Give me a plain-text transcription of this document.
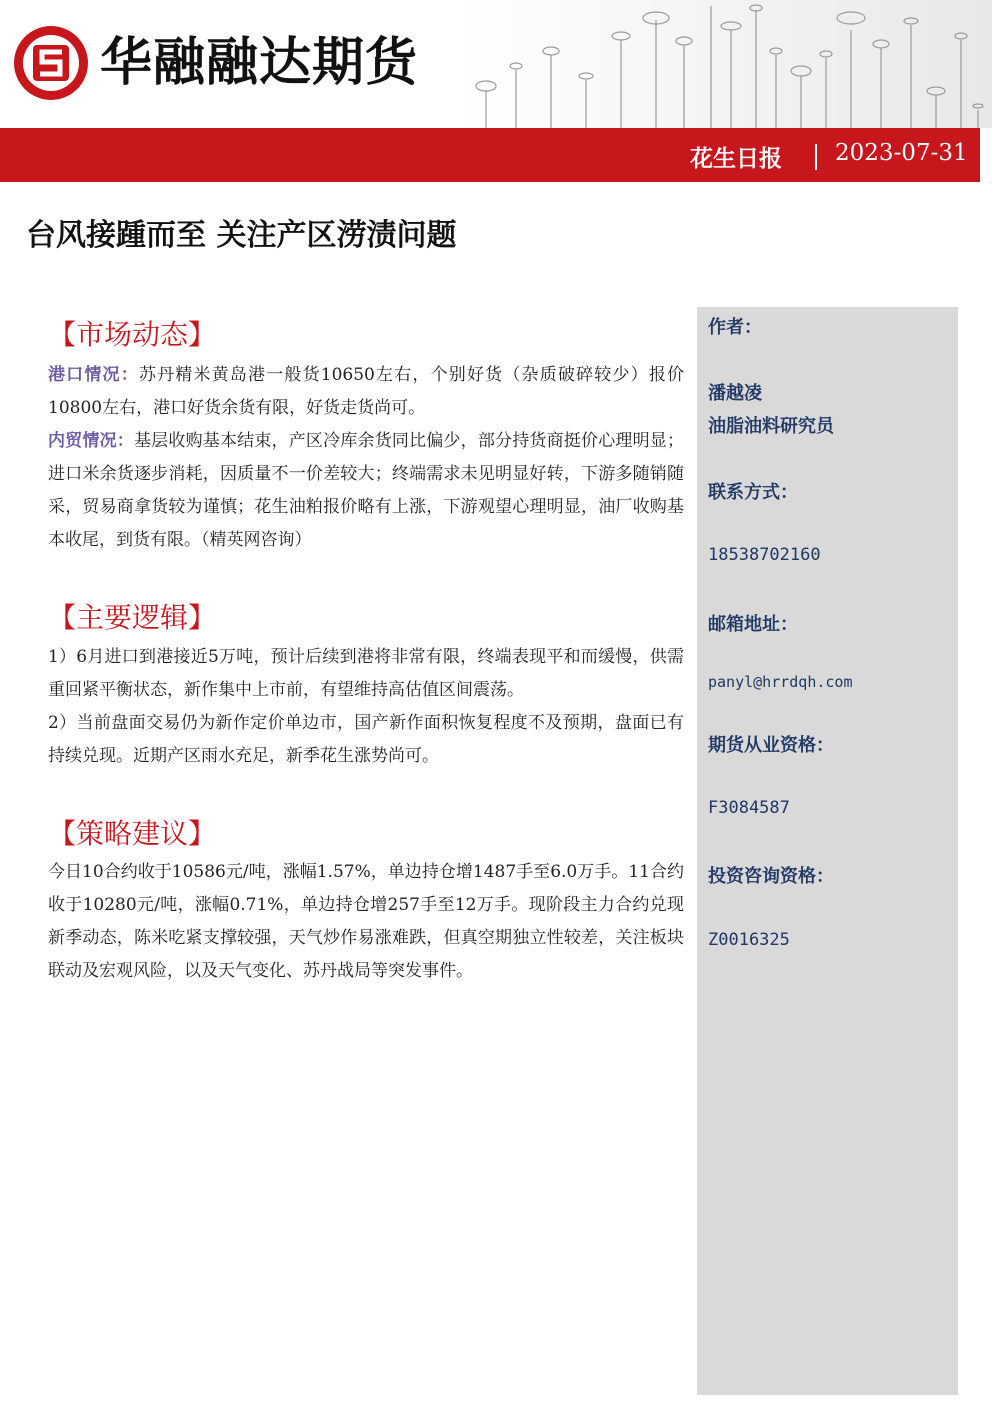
华融融达期货
花生日报 2023-07-31
台风接踵而至 关注产区涝渍问题
【市场动态】
港口情况：苏丹精米黄岛港一般货10650左右，个别好货（杂质破碎较少）报价10800左右，港口好货余货有限，好货走货尚可。
内贸情况：基层收购基本结束，产区冷库余货同比偏少，部分持货商挺价心理明显；进口米余货逐步消耗，因质量不一价差较大；终端需求未见明显好转，下游多随销随采，贸易商拿货较为谨慎；花生油粕报价略有上涨，下游观望心理明显，油厂收购基本收尾，到货有限。（精英网咨询）
【主要逻辑】
1）6月进口到港接近5万吨，预计后续到港将非常有限，终端表现平和而缓慢，供需重回紧平衡状态，新作集中上市前，有望维持高估值区间震荡。
2）当前盘面交易仍为新作定价单边市，国产新作面积恢复程度不及预期，盘面已有持续兑现。近期产区雨水充足，新季花生涨势尚可。
【策略建议】
今日10合约收于10586元/吨，涨幅1.57%，单边持仓增1487手至6.0万手。11合约收于10280元/吨，涨幅0.71%，单边持仓增257手至12万手。现阶段主力合约兑现新季动态，陈米吃紧支撑较强，天气炒作易涨难跌，但真空期独立性较差，关注板块联动及宏观风险，以及天气变化、苏丹战局等突发事件。
作者：
潘越凌
油脂油料研究员
联系方式：
18538702160
邮箱地址：
panyl@hrrdqh.com
期货从业资格：
F3084587
投资咨询资格：
Z0016325
